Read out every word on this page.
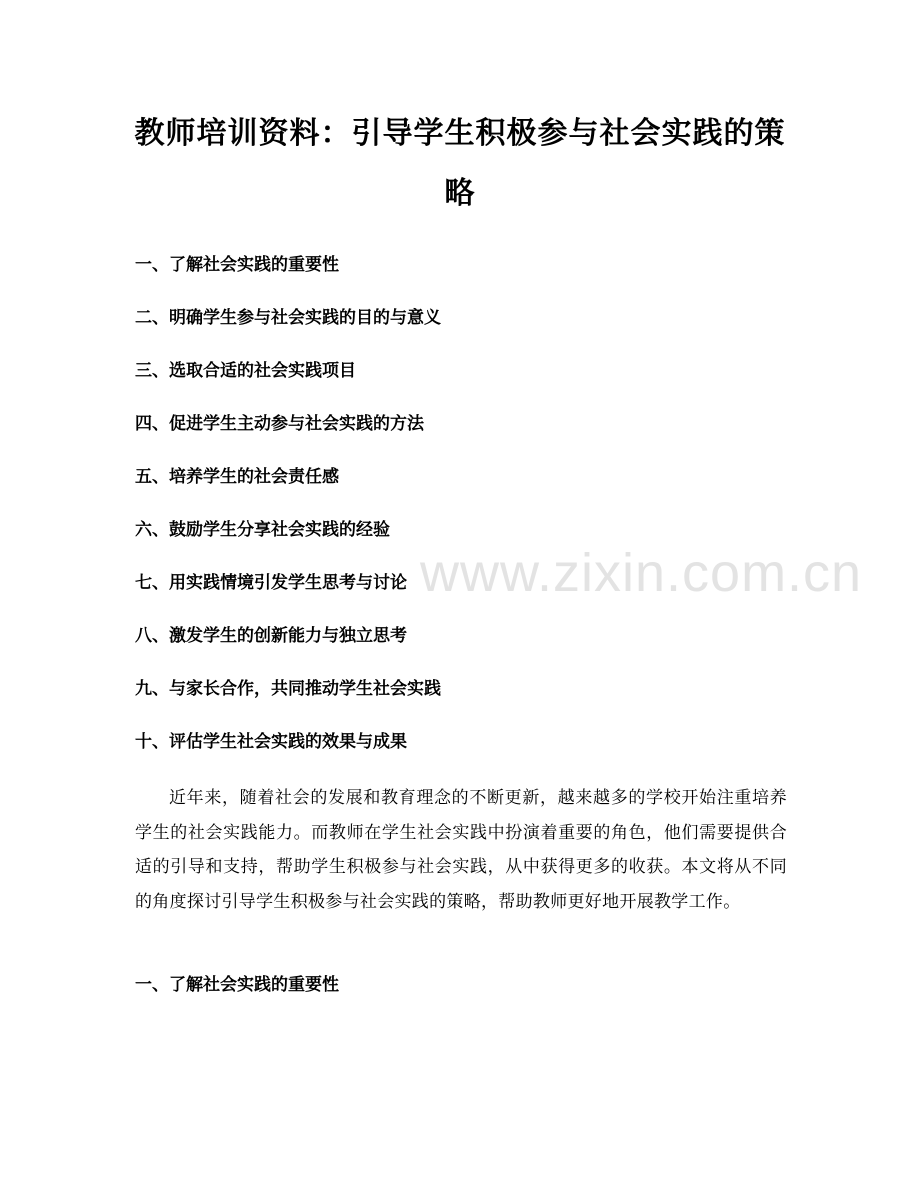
www.zixin.com.cn
教师培训资料：引导学生积极参与社会实践的策略
一、了解社会实践的重要性
二、明确学生参与社会实践的目的与意义
三、选取合适的社会实践项目
四、促进学生主动参与社会实践的方法
五、培养学生的社会责任感
六、鼓励学生分享社会实践的经验
七、用实践情境引发学生思考与讨论
八、激发学生的创新能力与独立思考
九、与家长合作，共同推动学生社会实践
十、评估学生社会实践的效果与成果

近年来，随着社会的发展和教育理念的不断更新，越来越多的学校开始注重培养学生的社会实践能力。而教师在学生社会实践中扮演着重要的角色，他们需要提供合适的引导和支持，帮助学生积极参与社会实践，从中获得更多的收获。本文将从不同的角度探讨引导学生积极参与社会实践的策略，帮助教师更好地开展教学工作。

一、了解社会实践的重要性
